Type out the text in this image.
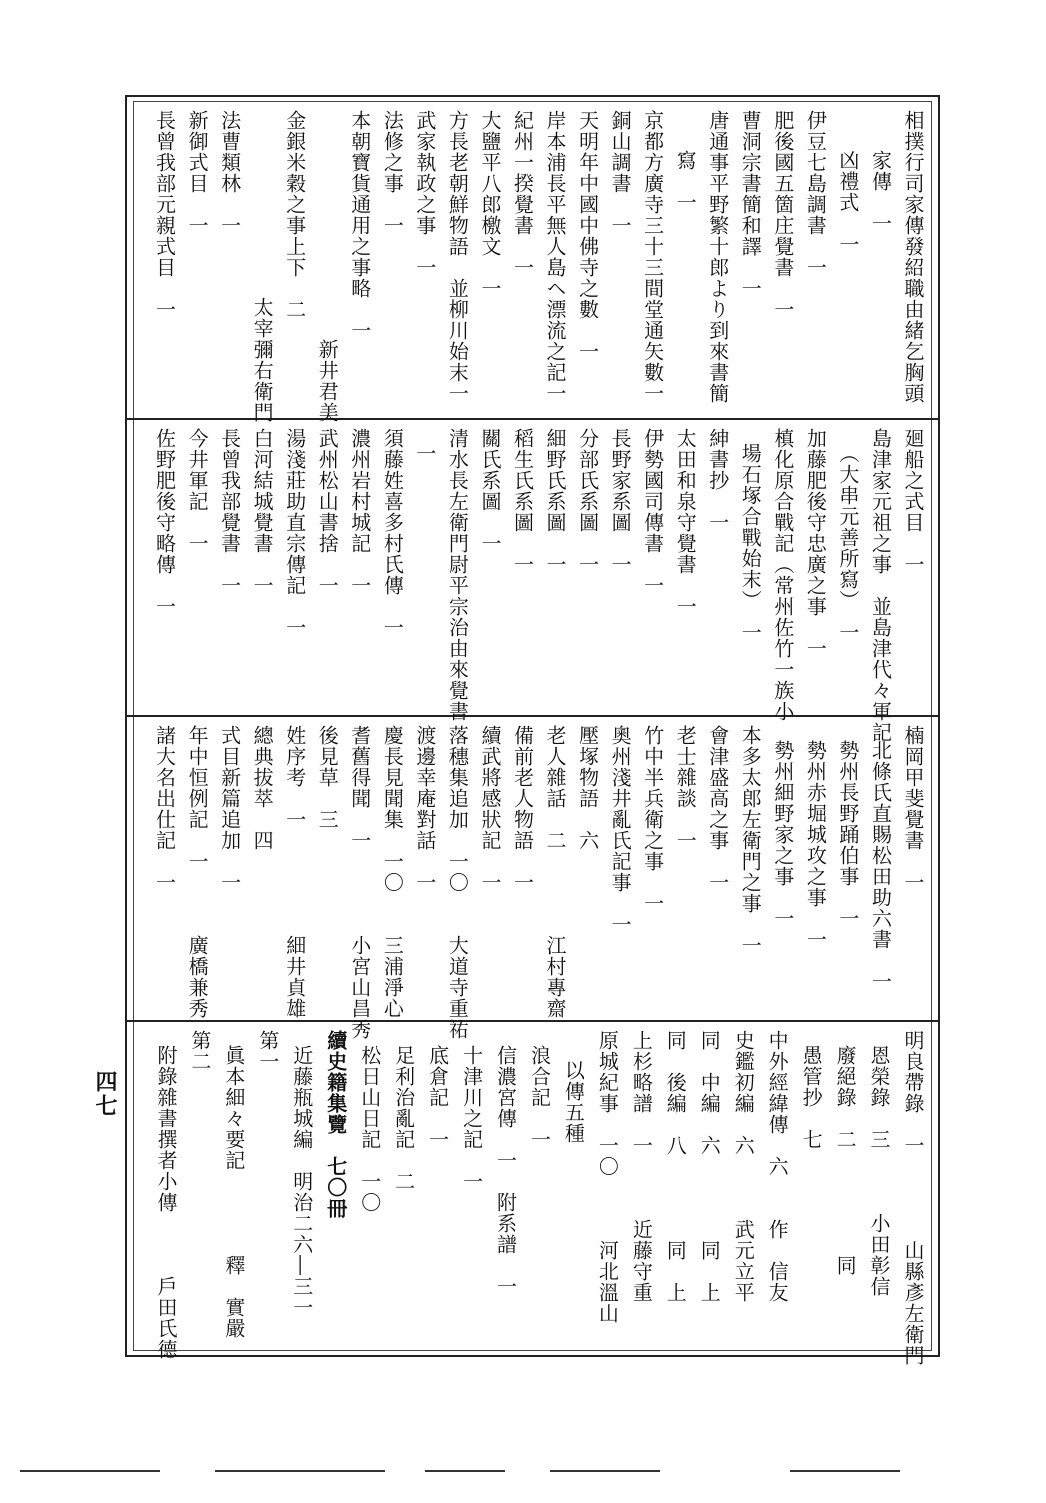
相撲行司家傳發紹職由緒乞胸頭
家傳　一
凶禮式　一
伊豆七島調書　一
肥後國五箇庄覺書　一
曹洞宗書簡和譯　一
唐通事平野繁十郎より到來書簡
寫　一
京都方廣寺三十三間堂通矢數一
銅山調書　一
天明年中國中佛寺之數　一
岸本浦長平無人島ヘ漂流之記一
紀州一揆覺書　一
大鹽平八郎檄文　一
方長老朝鮮物語　並柳川始末一
武家執政之事　一
法修之事　一
本朝寶貨通用之事略　一
　　　　　　　　　新井君美
金銀米穀之事上下　二
　　　　　　　太宰彌右衛門
法曹類林　一
新御式目　一
長曾我部元親式目　一
廻船之式目　一
島津家元祖之事　並島津代々軍記
（大串元善所寫）　一
加藤肥後守忠廣之事　一
槙化原合戰記（常州佐竹一族小
場石塚合戰始末）　一
紳書抄　一
太田和泉守覺書　一
伊勢國司傳書　一
長野家系圖　一
分部氏系圖　一
細野氏系圖　一
稻生氏系圖　一
關氏系圖　一
清水長左衛門尉平宗治由來覺書
一
須藤姓喜多村氏傳　一
濃州岩村城記　一
武州松山書捨　一
湯淺莊助直宗傳記　一
白河結城覺書　一
長曾我部覺書　一
今井軍記　一
佐野肥後守略傳　一
楠岡甲斐覺書　一
北條氏直賜松田助六書　一
勢州長野踊伯事　一
勢州赤堀城攻之事　一
勢州細野家之事　一
本多太郎左衛門之事　一
會津盛高之事　一
老士雜談　一
竹中半兵衛之事　一
奧州淺井亂氏記事　一
壓塚物語　六
老人雜話　二　　　　江村專齋
備前老人物語　一
續武將感狀記　一
落穗集追加　一〇　　大道寺重祐
渡邊幸庵對話　一
慶長見聞集　一〇　　三浦淨心
耆舊得聞　一　　　　小宮山昌秀
後見草　三
姓序考　一　　　　　細井貞雄
總典拔萃　四
式目新篇追加　一
年中恒例記　一　　　廣橋兼秀
諸大名出仕記　一
明良帶錄　一　　　　山縣彥左衛門
恩榮錄　三　　　小田彰信
廢絕錄　二　　　　　同
愚管抄　七
中外經緯傳　六　　作　信友
史鑑初編　六　　　武元立平
同　中編　六　　　　同　上
同　後編　八　　　　同　上
上杉略譜　一　　　近藤守重
原城紀事　一〇　　　河北溫山
以傳五種
浪合記　一
信濃宮傳　一　附系譜　一
十津川之記　一
底倉記　一
足利治亂記　二
松日山日記　一〇
續史籍集覽　七〇冊
近藤瓶城編　明治二六―三一
第一
眞本細々要記　　　　釋　實嚴
第二
附錄雜書撰者小傳　　　戶田氏德
四七
